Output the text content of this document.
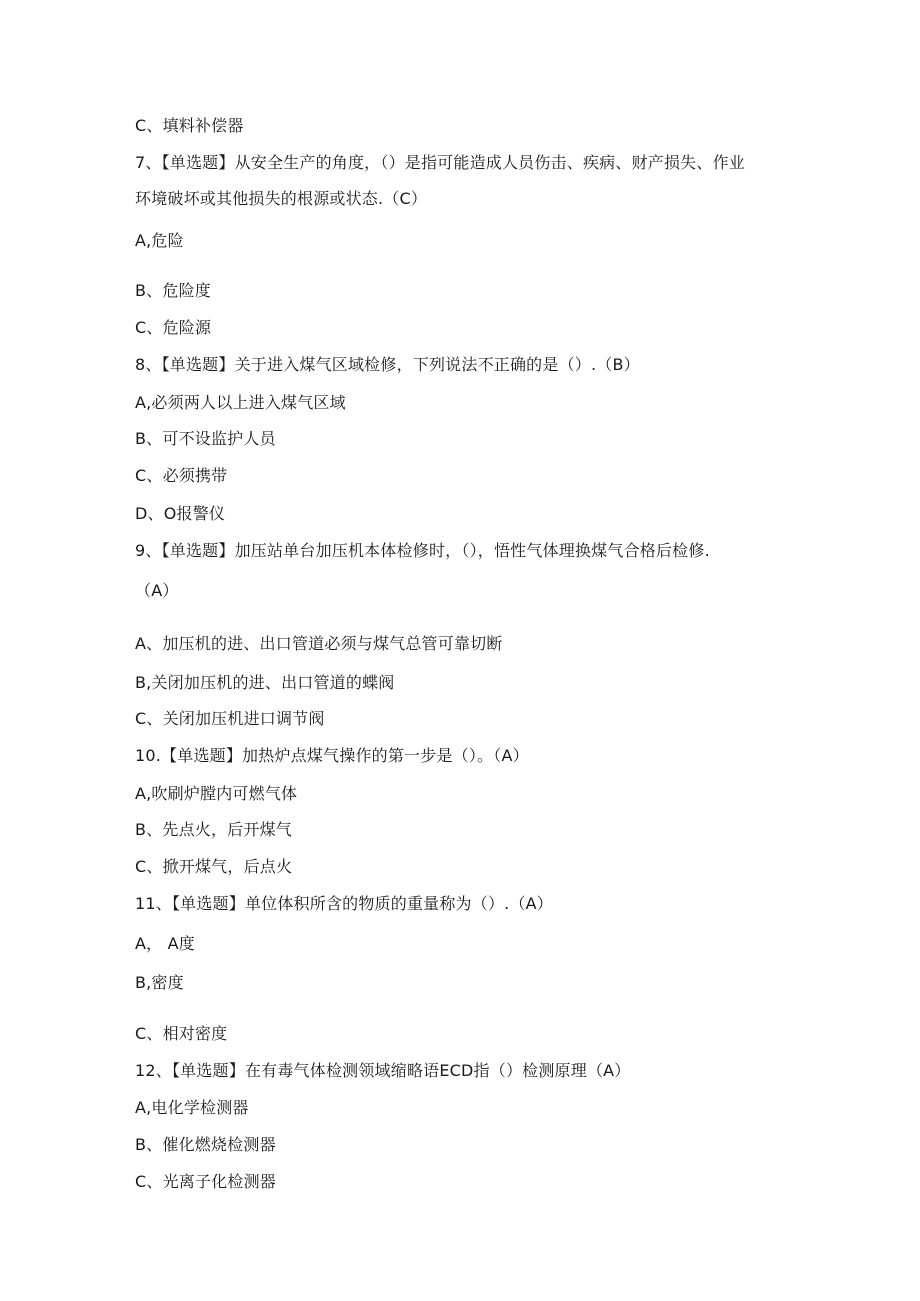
C、填料补偿器
7、【单选题】从安全生产的角度，（）是指可能造成人员伤击、疾病、财产损失、作业
环境破坏或其他损失的根源或状态.（C）
A,危险
B、危险度
C、危险源
8、【单选题】关于进入煤气区域检修，下列说法不正确的是（）.（B）
A,必须两人以上进入煤气区域
B、可不设监护人员
C、必须携带
D、O报警仪
9、【单选题】加压站单台加压机本体检修时，（），悟性气体理换煤气合格后检修.
（A）
A、加压机的进、出口管道必须与煤气总管可靠切断
B,关闭加压机的进、出口管道的蝶阀
C、关闭加压机进口调节阀
10.【单选题】加热炉点煤气操作的第一步是（）。（A）
A,吹刷炉膛内可燃气体
B、先点火，后开煤气
C、掀开煤气，后点火
11、【单选题】单位体积所含的物质的重量称为（）.（A）
A， A度
B,密度
C、相对密度
12、【单选题】在有毒气体检测领域缩略语ECD指（）检测原理（A）
A,电化学检测器
B、催化燃烧检测器
C、光离子化检测器
